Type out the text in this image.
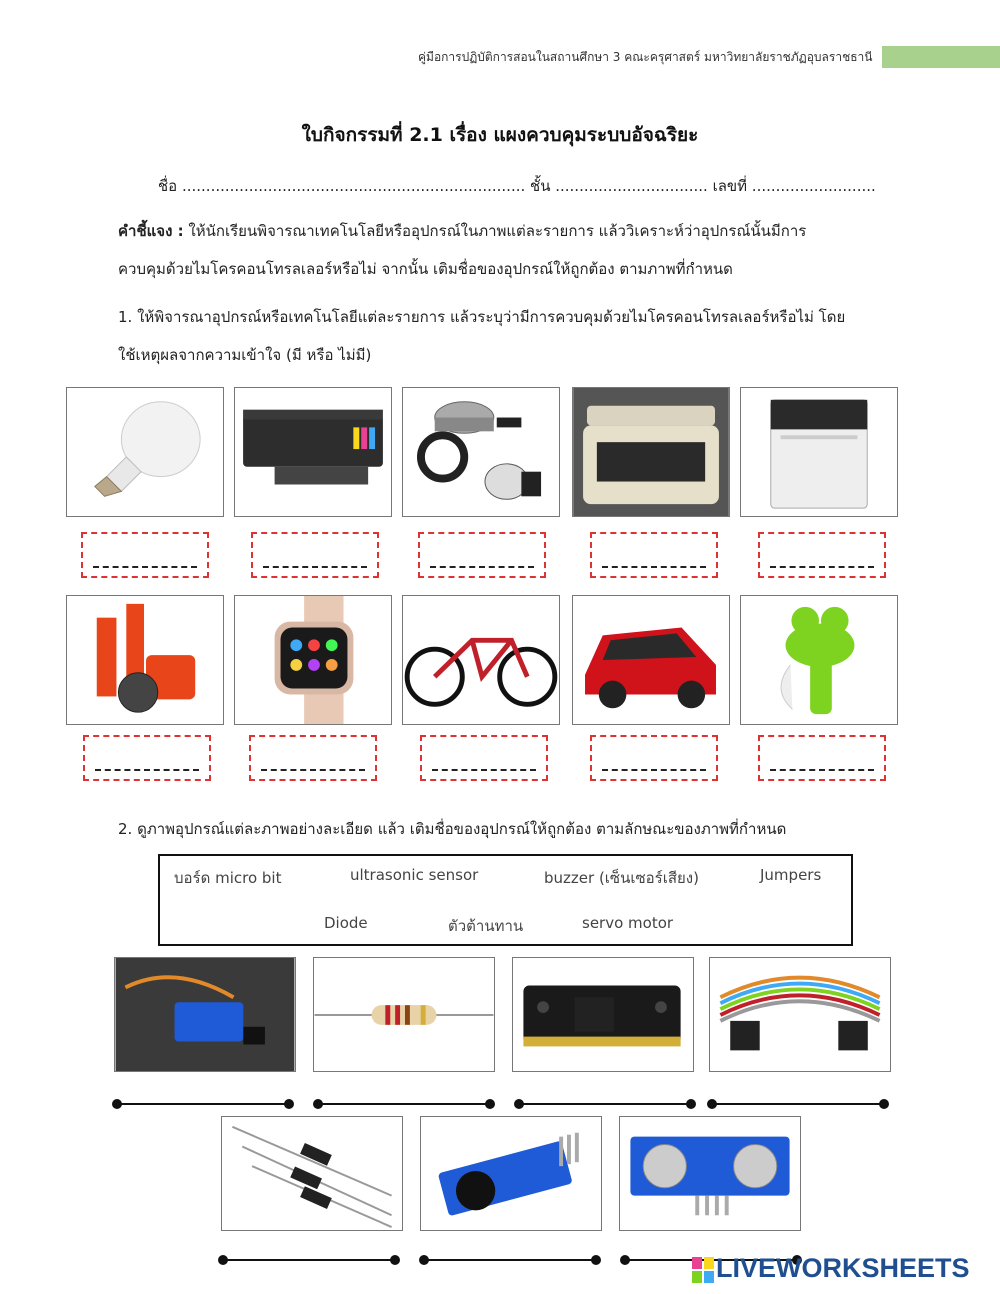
คู่มือการปฏิบัติการสอนในสถานศึกษา 3 คณะครุศาสตร์ มหาวิทยาลัยราชภัฏอุบลราชธานี
ใบกิจกรรมที่ 2.1 เรื่อง แผงควบคุมระบบอัจฉริยะ
ชื่อ ........................................................................ ชั้น ................................ เลขที่ ..........................
คำชี้แจง : ให้นักเรียนพิจารณาเทคโนโลยีหรืออุปกรณ์ในภาพแต่ละรายการ แล้ววิเคราะห์ว่าอุปกรณ์นั้นมีการ
ควบคุมด้วยไมโครคอนโทรลเลอร์หรือไม่ จากนั้น เติมชื่อของอุปกรณ์ให้ถูกต้อง ตามภาพที่กำหนด
1. ให้พิจารณาอุปกรณ์หรือเทคโนโลยีแต่ละรายการ แล้วระบุว่ามีการควบคุมด้วยไมโครคอนโทรลเลอร์หรือไม่ โดย
ใช้เหตุผลจากความเข้าใจ (มี หรือ ไม่มี)
2. ดูภาพอุปกรณ์แต่ละภาพอย่างละเอียด แล้ว เติมชื่อของอุปกรณ์ให้ถูกต้อง ตามลักษณะของภาพที่กำหนด
บอร์ด micro bit	ultrasonic sensor	buzzer (เซ็นเซอร์เสียง)	Jumpers
Diode	ตัวต้านทาน	servo motor
LIVEWORKSHEETS
